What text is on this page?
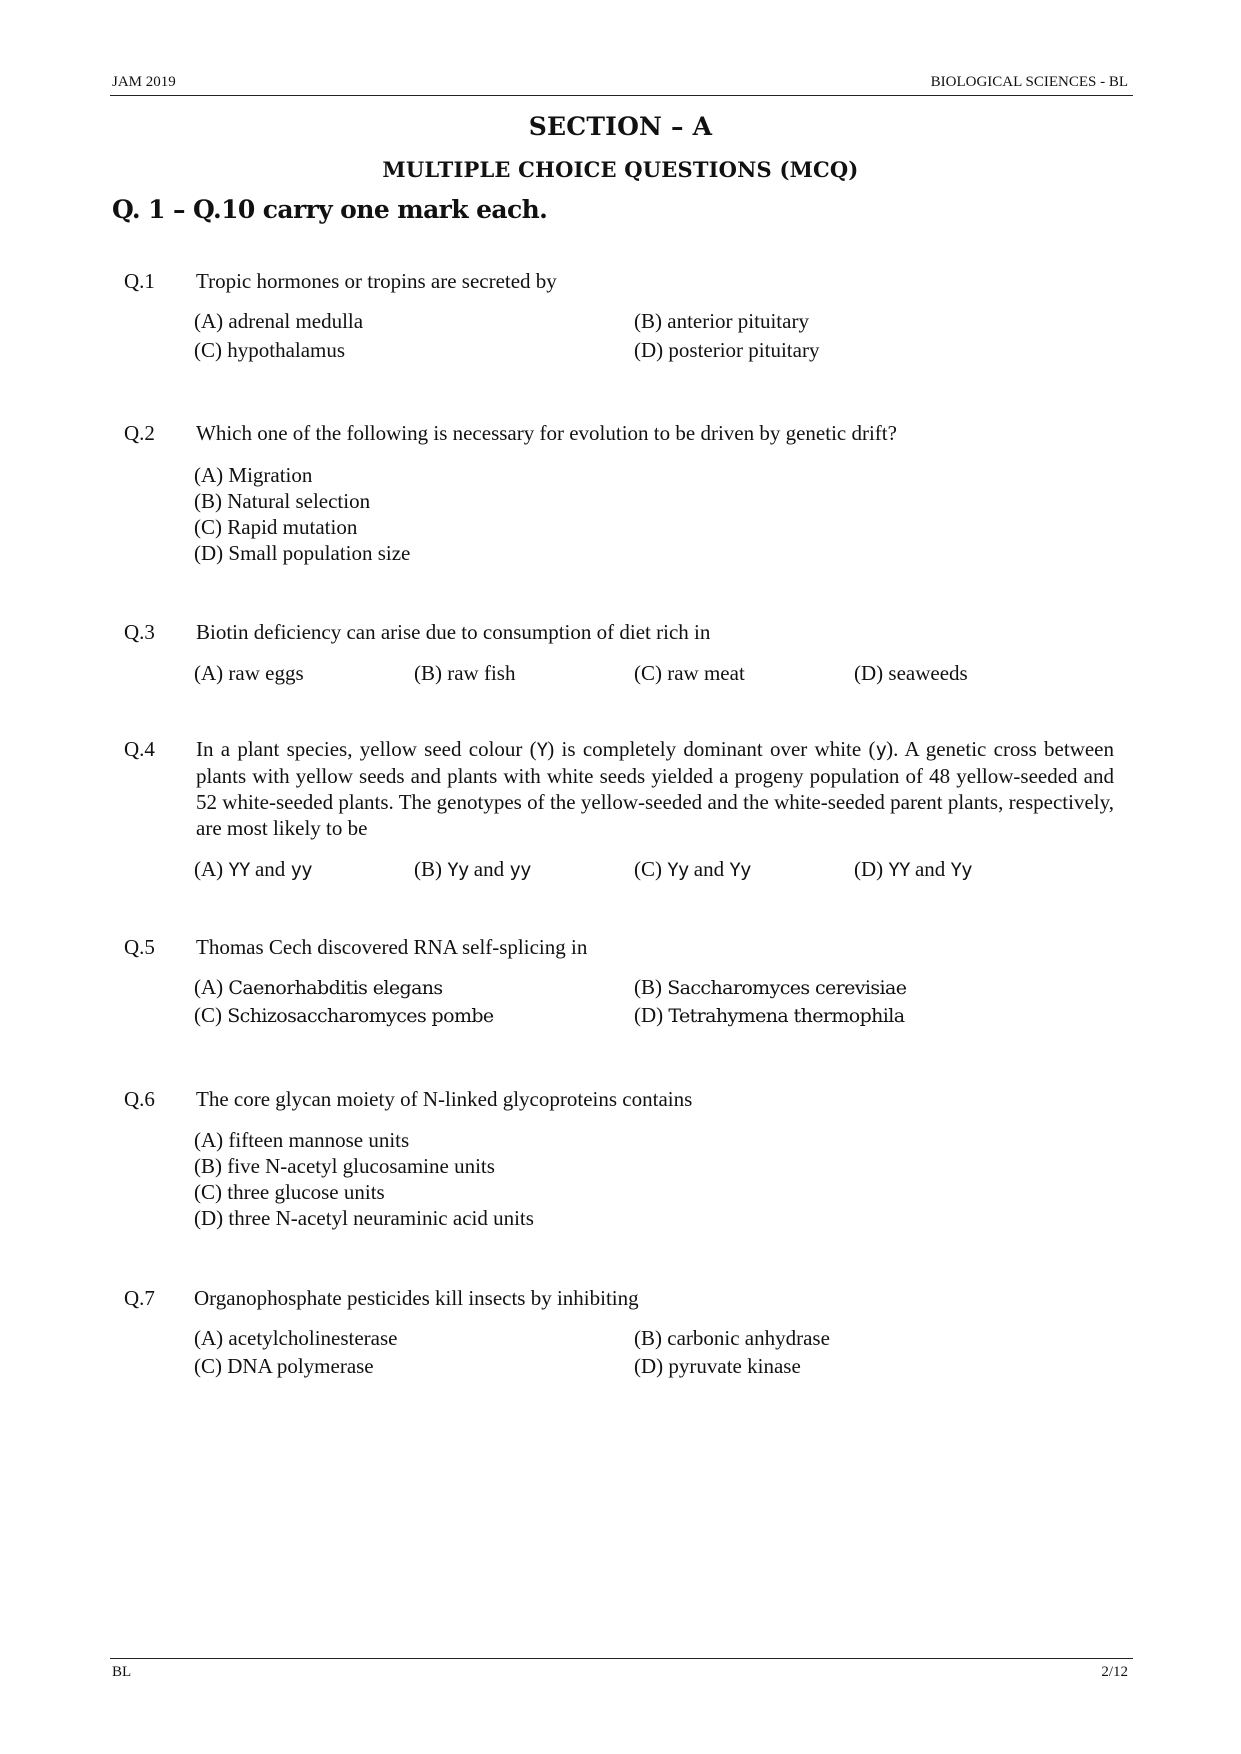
JAM 2019	BIOLOGICAL SCIENCES - BL
SECTION – A
MULTIPLE CHOICE QUESTIONS (MCQ)
Q. 1 – Q.10 carry one mark each.
Q.1 Tropic hormones or tropins are secreted by
(A) adrenal medulla	(B) anterior pituitary
(C) hypothalamus	(D) posterior pituitary
Q.2 Which one of the following is necessary for evolution to be driven by genetic drift?
(A) Migration
(B) Natural selection
(C) Rapid mutation
(D) Small population size
Q.3 Biotin deficiency can arise due to consumption of diet rich in
(A) raw eggs	(B) raw fish	(C) raw meat	(D) seaweeds
Q.4 In a plant species, yellow seed colour (Y) is completely dominant over white (y). A genetic cross between plants with yellow seeds and plants with white seeds yielded a progeny population of 48 yellow-seeded and 52 white-seeded plants. The genotypes of the yellow-seeded and the white-seeded parent plants, respectively, are most likely to be
(A) YY and yy	(B) Yy and yy	(C) Yy and Yy	(D) YY and Yy
Q.5 Thomas Cech discovered RNA self-splicing in
(A) Caenorhabditis elegans	(B) Saccharomyces cerevisiae
(C) Schizosaccharomyces pombe	(D) Tetrahymena thermophila
Q.6 The core glycan moiety of N-linked glycoproteins contains
(A) fifteen mannose units
(B) five N-acetyl glucosamine units
(C) three glucose units
(D) three N-acetyl neuraminic acid units
Q.7 Organophosphate pesticides kill insects by inhibiting
(A) acetylcholinesterase	(B) carbonic anhydrase
(C) DNA polymerase	(D) pyruvate kinase
BL	2/12
